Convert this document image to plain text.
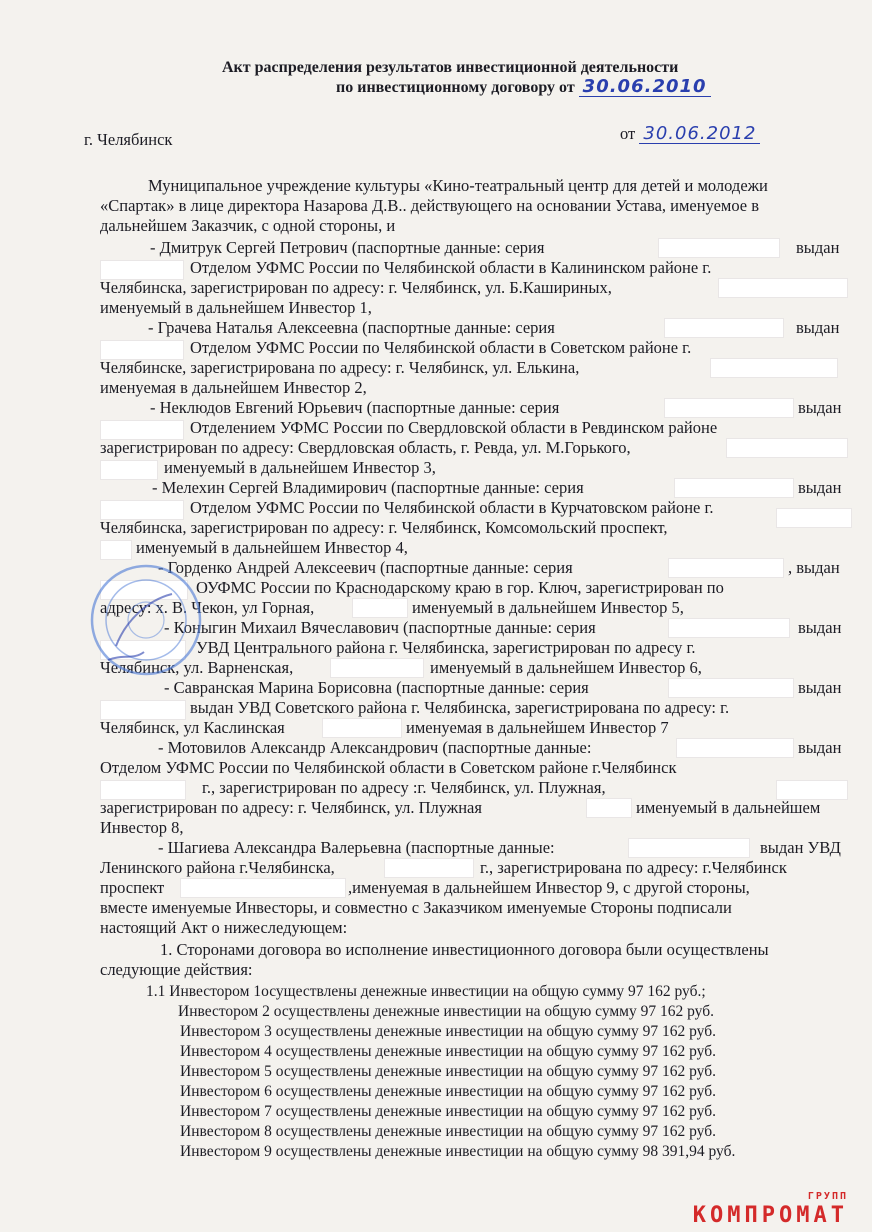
Акт распределения результатов инвестиционной деятельности
по инвестиционному договору от 30.06.2010
г. Челябинск	от 30.06.2012
Муниципальное учреждение культуры «Кино-театральный центр для детей и молодежи
«Спартак» в лице директора Назарова Д.В.. действующего на основании Устава, именуемое в
дальнейшем Заказчик, с одной стороны, и
- Дмитрук Сергей Петрович (паспортные данные: серия	выдан
Отделом УФМС России по Челябинской области в Калининском районе г.
Челябинска, зарегистрирован по адресу: г. Челябинск, ул. Б.Кашириных,
именуемый в дальнейшем Инвестор 1,
- Грачева Наталья Алексеевна (паспортные данные: серия	выдан
Отделом УФМС России по Челябинской области в Советском районе г.
Челябинске, зарегистрирована по адресу: г. Челябинск, ул. Елькина,
именуемая в дальнейшем Инвестор 2,
- Неклюдов Евгений Юрьевич (паспортные данные: серия	выдан
Отделением УФМС России по Свердловской области в Ревдинском районе
зарегистрирован по адресу: Свердловская область, г. Ревда, ул. М.Горького,
именуемый в дальнейшем Инвестор 3,
- Мелехин Сергей Владимирович (паспортные данные: серия	выдан
Отделом УФМС России по Челябинской области в Курчатовском районе г.
Челябинска, зарегистрирован по адресу: г. Челябинск, Комсомольский проспект,
именуемый в дальнейшем Инвестор 4,
- Горденко Андрей Алексеевич (паспортные данные: серия	, выдан
ОУФМС России по Краснодарскому краю в гор. Ключ, зарегистрирован по
адресу: х. В. Чекон, ул Горная,	именуемый в дальнейшем Инвестор 5,
- Коныгин Михаил Вячеславович (паспортные данные: серия	выдан
УВД Центрального района г. Челябинска, зарегистрирован по адресу г.
Челябинск, ул. Варненская,	именуемый в дальнейшем Инвестор 6,
- Савранская Марина Борисовна (паспортные данные: серия	выдан
выдан УВД Советского района г. Челябинска, зарегистрирована по адресу: г.
Челябинск, ул Каслинская	именуемая в дальнейшем Инвестор 7
- Мотовилов Александр Александрович (паспортные данные:	выдан
Отделом УФМС России по Челябинской области в Советском районе г.Челябинск
г., зарегистрирован по адресу :г. Челябинск, ул. Плужная,
зарегистрирован по адресу: г. Челябинск, ул. Плужная	именуемый в дальнейшем
Инвестор 8,
- Шагиева Александра Валерьевна (паспортные данные:	выдан УВД
Ленинского района г.Челябинска,	г., зарегистрирована по адресу: г.Челябинск
проспект	,именуемая в дальнейшем Инвестор 9, с другой стороны,
вместе именуемые Инвесторы, и совместно с Заказчиком именуемые Стороны подписали
настоящий Акт о нижеследующем:
1. Сторонами договора во исполнение инвестиционного договора были осуществлены
следующие действия:
1.1 Инвестором 1осуществлены денежные инвестиции на общую сумму 97 162 руб.;
Инвестором 2 осуществлены денежные инвестиции на общую сумму 97 162 руб.
Инвестором 3 осуществлены денежные инвестиции на общую сумму 97 162 руб.
Инвестором 4 осуществлены денежные инвестиции на общую сумму 97 162 руб.
Инвестором 5 осуществлены денежные инвестиции на общую сумму 97 162 руб.
Инвестором 6 осуществлены денежные инвестиции на общую сумму 97 162 руб.
Инвестором 7 осуществлены денежные инвестиции на общую сумму 97 162 руб.
Инвестором 8 осуществлены денежные инвестиции на общую сумму 97 162 руб.
Инвестором 9 осуществлены денежные инвестиции на общую сумму 98 391,94 руб.
ГРУПП
КОМПРОМАТ
